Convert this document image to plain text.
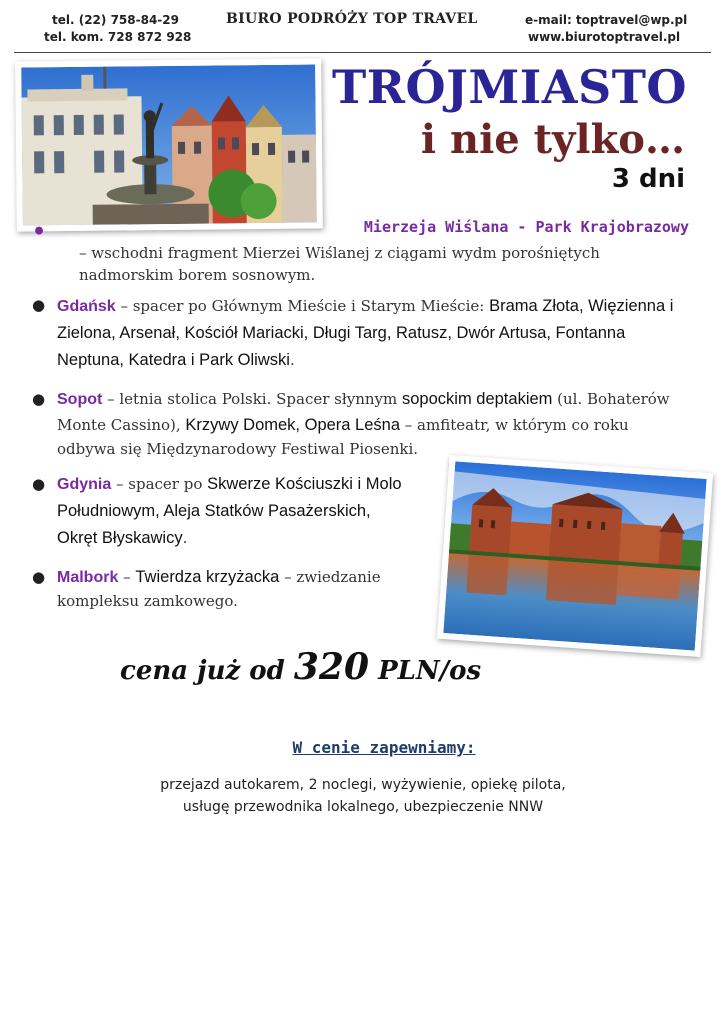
tel. (22) 758-84-29
tel. kom. 728 872 928
BIURO PODRÓŻY TOP TRAVEL	e-mail: toptravel@wp.pl
www.biurotoptravel.pl
TRÓJMIASTO
i nie tylko…
3 dni
•	Mierzeja Wiślana - Park Krajobrazowy
– wschodni fragment Mierzei Wiślanej z ciągami wydm porośniętych
nadmorskim borem sosnowym.
● Gdańsk – spacer po Głównym Mieście i Starym Mieście: Brama Złota, Więzienna i
Zielona, Arsenał, Kościół Mariacki, Długi Targ, Ratusz, Dwór Artusa, Fontanna
Neptuna, Katedra i Park Oliwski.
● Sopot – letnia stolica Polski. Spacer słynnym sopockim deptakiem (ul. Bohaterów
Monte Cassino), Krzywy Domek, Opera Leśna – amfiteatr, w którym co roku
odbywa się Międzynarodowy Festiwal Piosenki.
● Gdynia – spacer po Skwerze Kościuszki i Molo
Południowym, Aleja Statków Pasażerskich,
Okręt Błyskawicy.
● Malbork – Twierdza krzyżacka – zwiedzanie
kompleksu zamkowego.
cena już od 320 PLN/os
W cenie zapewniamy:
przejazd autokarem, 2 noclegi, wyżywienie, opiekę pilota,
usługę przewodnika lokalnego, ubezpieczenie NNW
